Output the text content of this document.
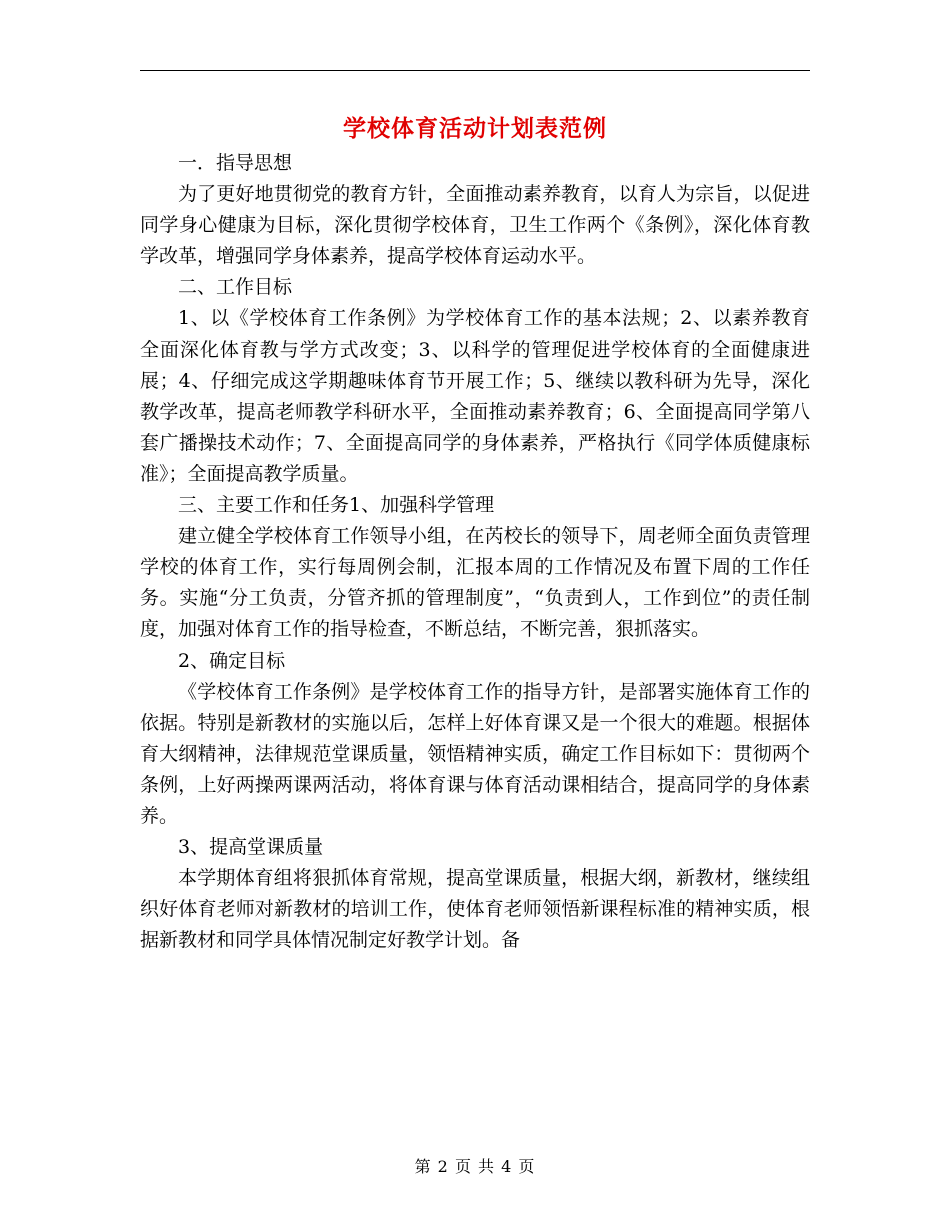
学校体育活动计划表范例

一．指导思想

为了更好地贯彻党的教育方针，全面推动素养教育，以育人为宗旨，以促进同学身心健康为目标，深化贯彻学校体育，卫生工作两个《条例》，深化体育教学改革，增强同学身体素养，提高学校体育运动水平。

二、工作目标

1、以《学校体育工作条例》为学校体育工作的基本法规；2、以素养教育全面深化体育教与学方式改变；3、以科学的管理促进学校体育的全面健康进展；4、仔细完成这学期趣味体育节开展工作；5、继续以教科研为先导，深化教学改革，提高老师教学科研水平，全面推动素养教育；6、全面提高同学第八套广播操技术动作；7、全面提高同学的身体素养，严格执行《同学体质健康标准》；全面提高教学质量。

三、主要工作和任务1、加强科学管理

建立健全学校体育工作领导小组，在芮校长的领导下，周老师全面负责管理学校的体育工作，实行每周例会制，汇报本周的工作情况及布置下周的工作任务。实施“分工负责，分管齐抓的管理制度”，“负责到人，工作到位”的责任制度，加强对体育工作的指导检查，不断总结，不断完善，狠抓落实。

2、确定目标

《学校体育工作条例》是学校体育工作的指导方针，是部署实施体育工作的依据。特别是新教材的实施以后，怎样上好体育课又是一个很大的难题。根据体育大纲精神，法律规范堂课质量，领悟精神实质，确定工作目标如下：贯彻两个条例，上好两操两课两活动，将体育课与体育活动课相结合，提高同学的身体素养。

3、提高堂课质量

本学期体育组将狠抓体育常规，提高堂课质量，根据大纲，新教材，继续组织好体育老师对新教材的培训工作，使体育老师领悟新课程标准的精神实质，根据新教材和同学具体情况制定好教学计划。备

第 2 页 共 4 页
